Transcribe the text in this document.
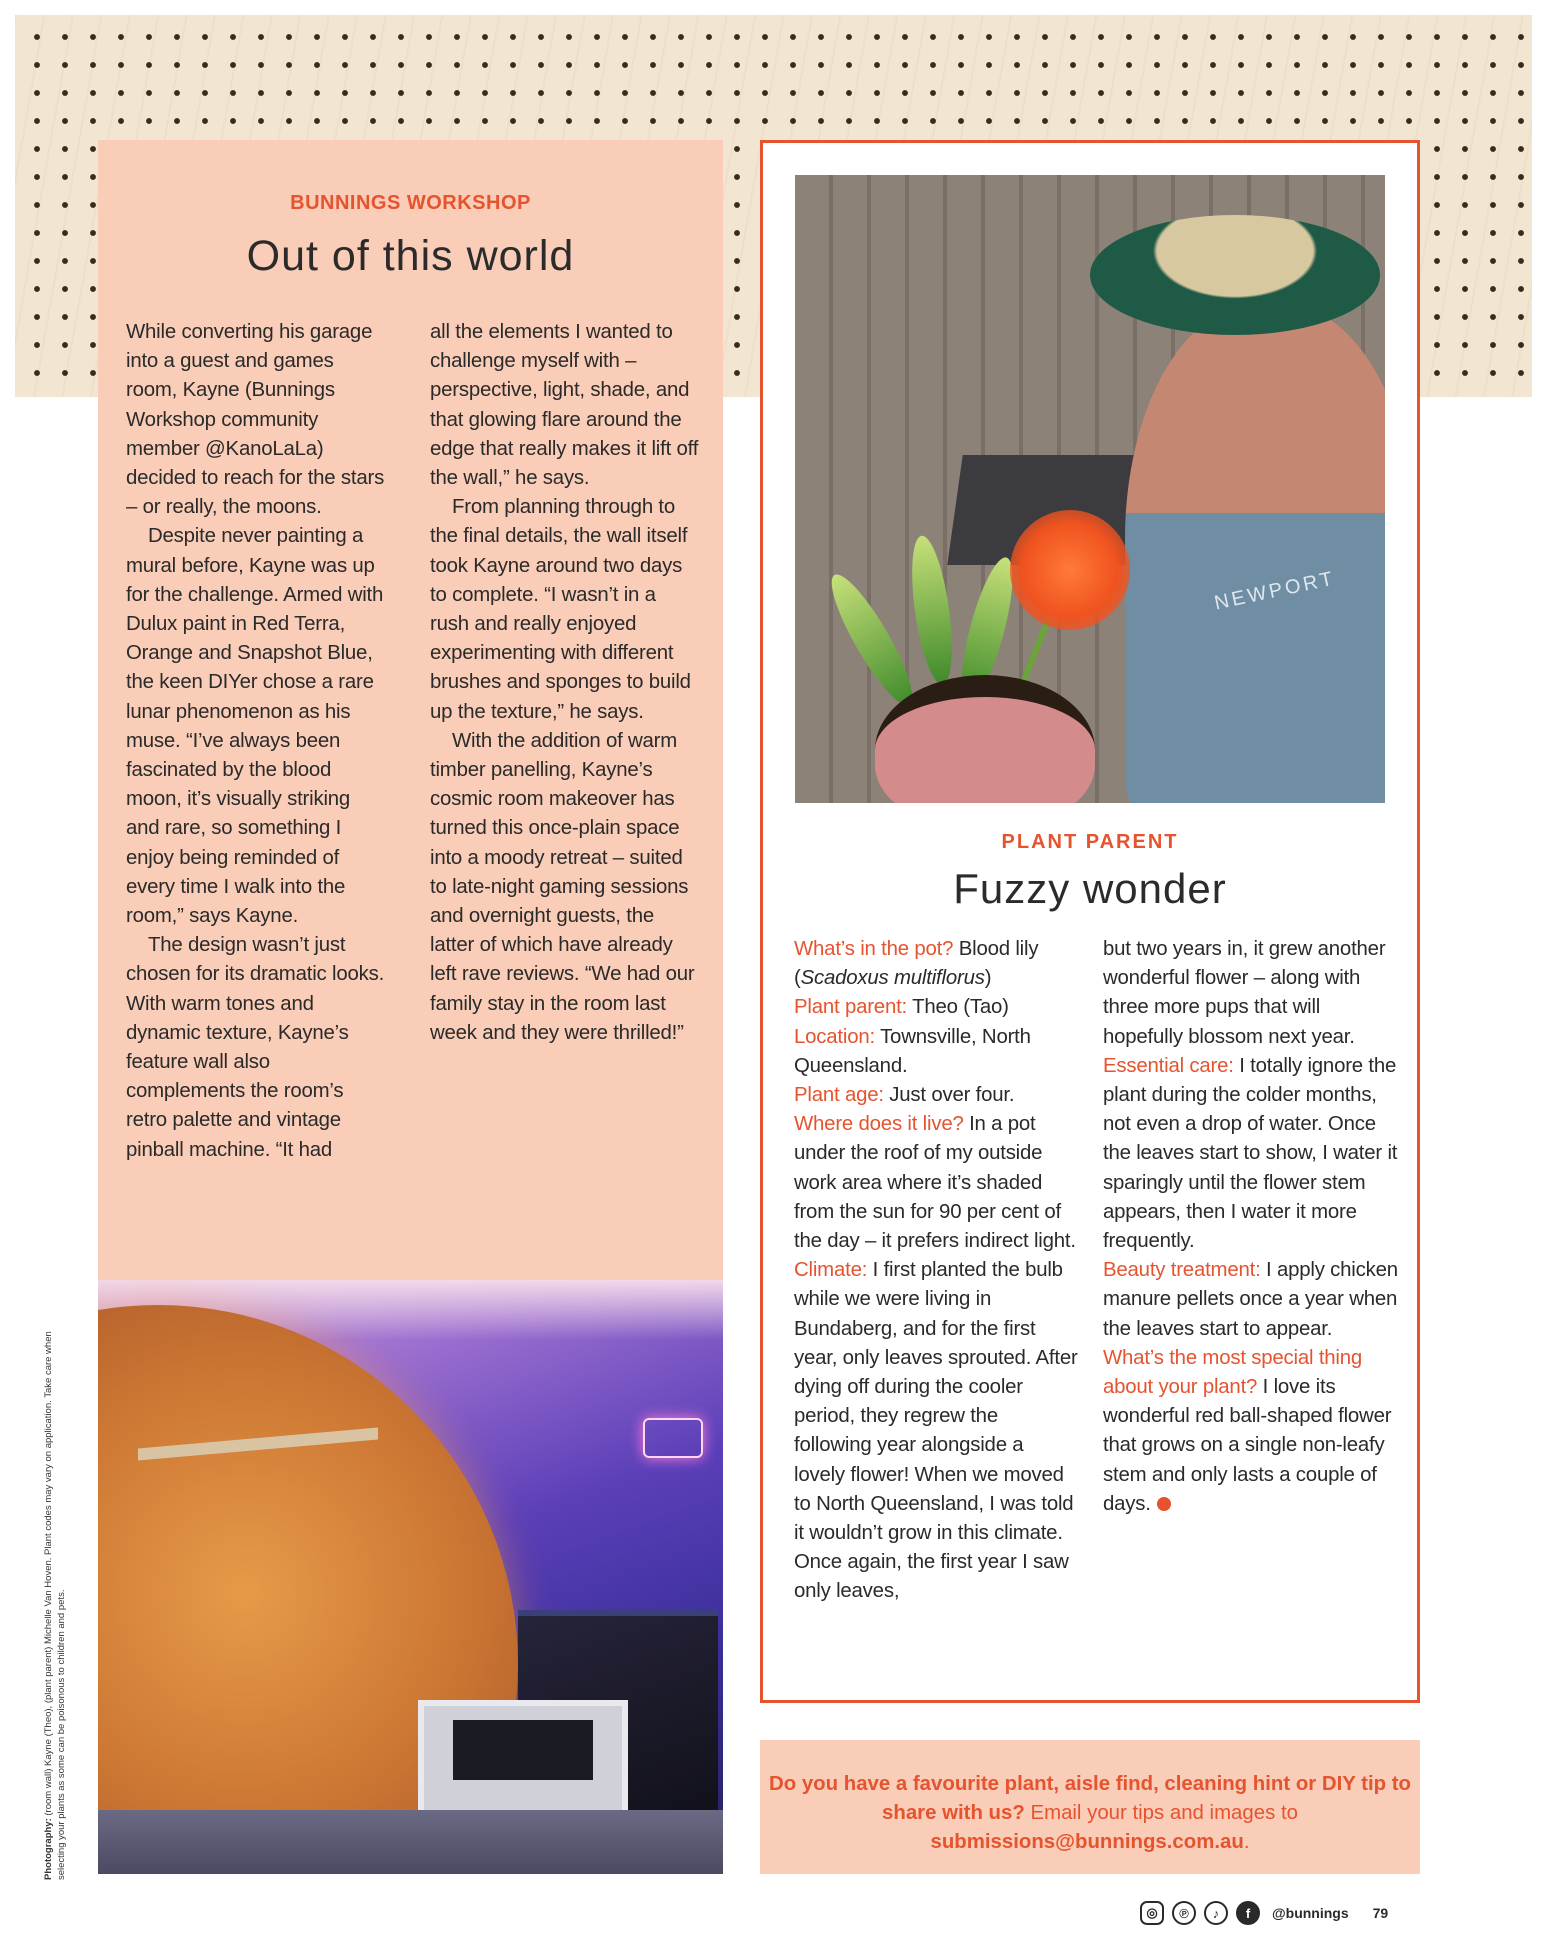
BUNNINGS WORKSHOP
Out of this world

While converting his garage into a guest and games room, Kayne (Bunnings Workshop community member @KanoLaLa) decided to reach for the stars – or really, the moons.

Despite never painting a mural before, Kayne was up for the challenge. Armed with Dulux paint in Red Terra, Orange and Snapshot Blue, the keen DIYer chose a rare lunar phenomenon as his muse. “I’ve always been fascinated by the blood moon, it’s visually striking and rare, so something I enjoy being reminded of every time I walk into the room,” says Kayne.

The design wasn’t just chosen for its dramatic looks. With warm tones and dynamic texture, Kayne’s feature wall also complements the room’s retro palette and vintage pinball machine. “It had

all the elements I wanted to challenge myself with – perspective, light, shade, and that glowing flare around the edge that really makes it lift off the wall,” he says.

From planning through to the final details, the wall itself took Kayne around two days to complete. “I wasn’t in a rush and really enjoyed experimenting with different brushes and sponges to build up the texture,” he says.

With the addition of warm timber panelling, Kayne’s cosmic room makeover has turned this once-plain space into a moody retreat – suited to late-night gaming sessions and overnight guests, the latter of which have already left rave reviews. “We had our family stay in the room last week and they were thrilled!”

NEWPORT
PLANT PARENT
Fuzzy wonder

What’s in the pot? Blood lily (Scadoxus multiflorus)

Plant parent: Theo (Tao)

Location: Townsville, North Queensland.

Plant age: Just over four.

Where does it live? In a pot under the roof of my outside work area where it’s shaded from the sun for 90 per cent of the day – it prefers indirect light.

Climate: I first planted the bulb while we were living in Bundaberg, and for the first year, only leaves sprouted. After dying off during the cooler period, they regrew the following year alongside a lovely flower! When we moved to North Queensland, I was told it wouldn’t grow in this climate. Once again, the first year I saw only leaves,

but two years in, it grew another wonderful flower – along with three more pups that will hopefully blossom next year.

Essential care: I totally ignore the plant during the colder months, not even a drop of water. Once the leaves start to show, I water it sparingly until the flower stem appears, then I water it more frequently.

Beauty treatment: I apply chicken manure pellets once a year when the leaves start to appear.

What’s the most special thing about your plant? I love its wonderful red ball-shaped flower that grows on a single non-leafy stem and only lasts a couple of days.

Do you have a favourite plant, aisle find, cleaning hint or DIY tip to share with us? Email your tips and images to submissions@bunnings.com.au.
◎	℗	♪	f	@bunnings 79
Photography: (room wall) Kayne (Theo), (plant parent) Michelle Van Hoven. Plant codes may vary on application. Take care when selecting your plants as some can be poisonous to children and pets.
